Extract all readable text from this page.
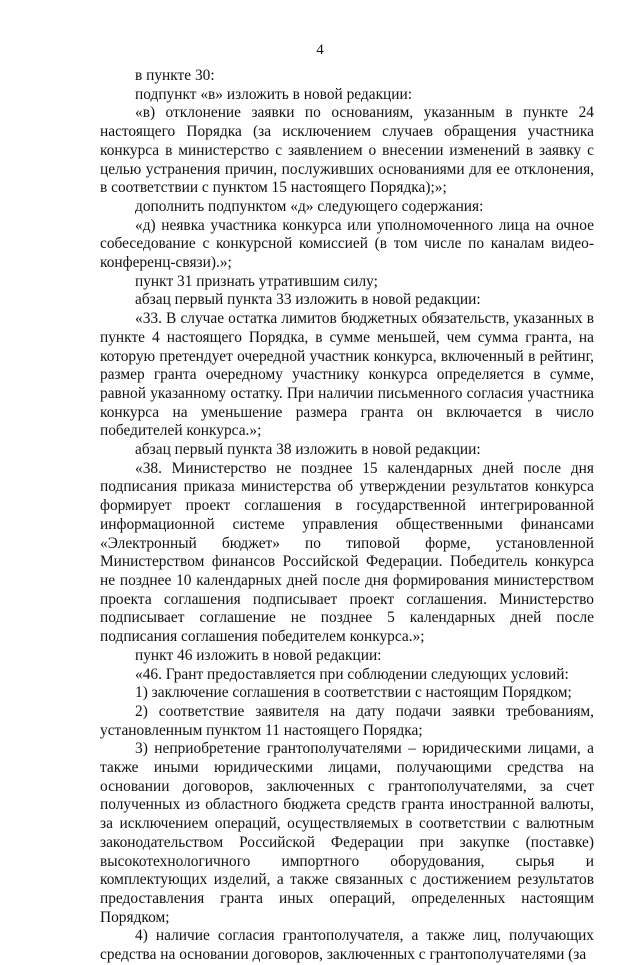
4

в пункте 30:

подпункт «в» изложить в новой редакции:

«в) отклонение заявки по основаниям, указанным в пункте 24 настоящего Порядка (за исключением случаев обращения участника конкурса в министерство с заявлением о внесении изменений в заявку с целью устранения причин, послуживших основаниями для ее отклонения, в соответствии с пунктом 15 настоящего Порядка);»;

дополнить подпунктом «д» следующего содержания:

«д) неявка участника конкурса или уполномоченного лица на очное собеседование с конкурсной комиссией (в том числе по каналам видео-конференц-связи).»;

пункт 31 признать утратившим силу;

абзац первый пункта 33 изложить в новой редакции:

«33. В случае остатка лимитов бюджетных обязательств, указанных в пункте 4 настоящего Порядка, в сумме меньшей, чем сумма гранта, на которую претендует очередной участник конкурса, включенный в рейтинг, размер гранта очередному участнику конкурса определяется в сумме, равной указанному остатку. При наличии письменного согласия участника конкурса на уменьшение размера гранта он включается в число победителей конкурса.»;

абзац первый пункта 38 изложить в новой редакции:

«38. Министерство не позднее 15 календарных дней после дня подписания приказа министерства об утверждении результатов конкурса формирует проект соглашения в государственной интегрированной информационной системе управления общественными финансами «Электронный бюджет» по типовой форме, установленной Министерством финансов Российской Федерации. Победитель конкурса не позднее 10 календарных дней после дня формирования министерством проекта соглашения подписывает проект соглашения. Министерство подписывает соглашение не позднее 5 календарных дней после подписания соглашения победителем конкурса.»;

пункт 46 изложить в новой редакции:

«46. Грант предоставляется при соблюдении следующих условий:

1) заключение соглашения в соответствии с настоящим Порядком;

2) соответствие заявителя на дату подачи заявки требованиям, установленным пунктом 11 настоящего Порядка;

3) неприобретение грантополучателями – юридическими лицами, а также иными юридическими лицами, получающими средства на основании договоров, заключенных с грантополучателями, за счет полученных из областного бюджета средств гранта иностранной валюты, за исключением операций, осуществляемых в соответствии с валютным законодательством Российской Федерации при закупке (поставке) высокотехнологичного импортного оборудования, сырья и комплектующих изделий, а также связанных с достижением результатов предоставления гранта иных операций, определенных настоящим Порядком;

4) наличие согласия грантополучателя, а также лиц, получающих средства на основании договоров, заключенных с грантополучателями (за
